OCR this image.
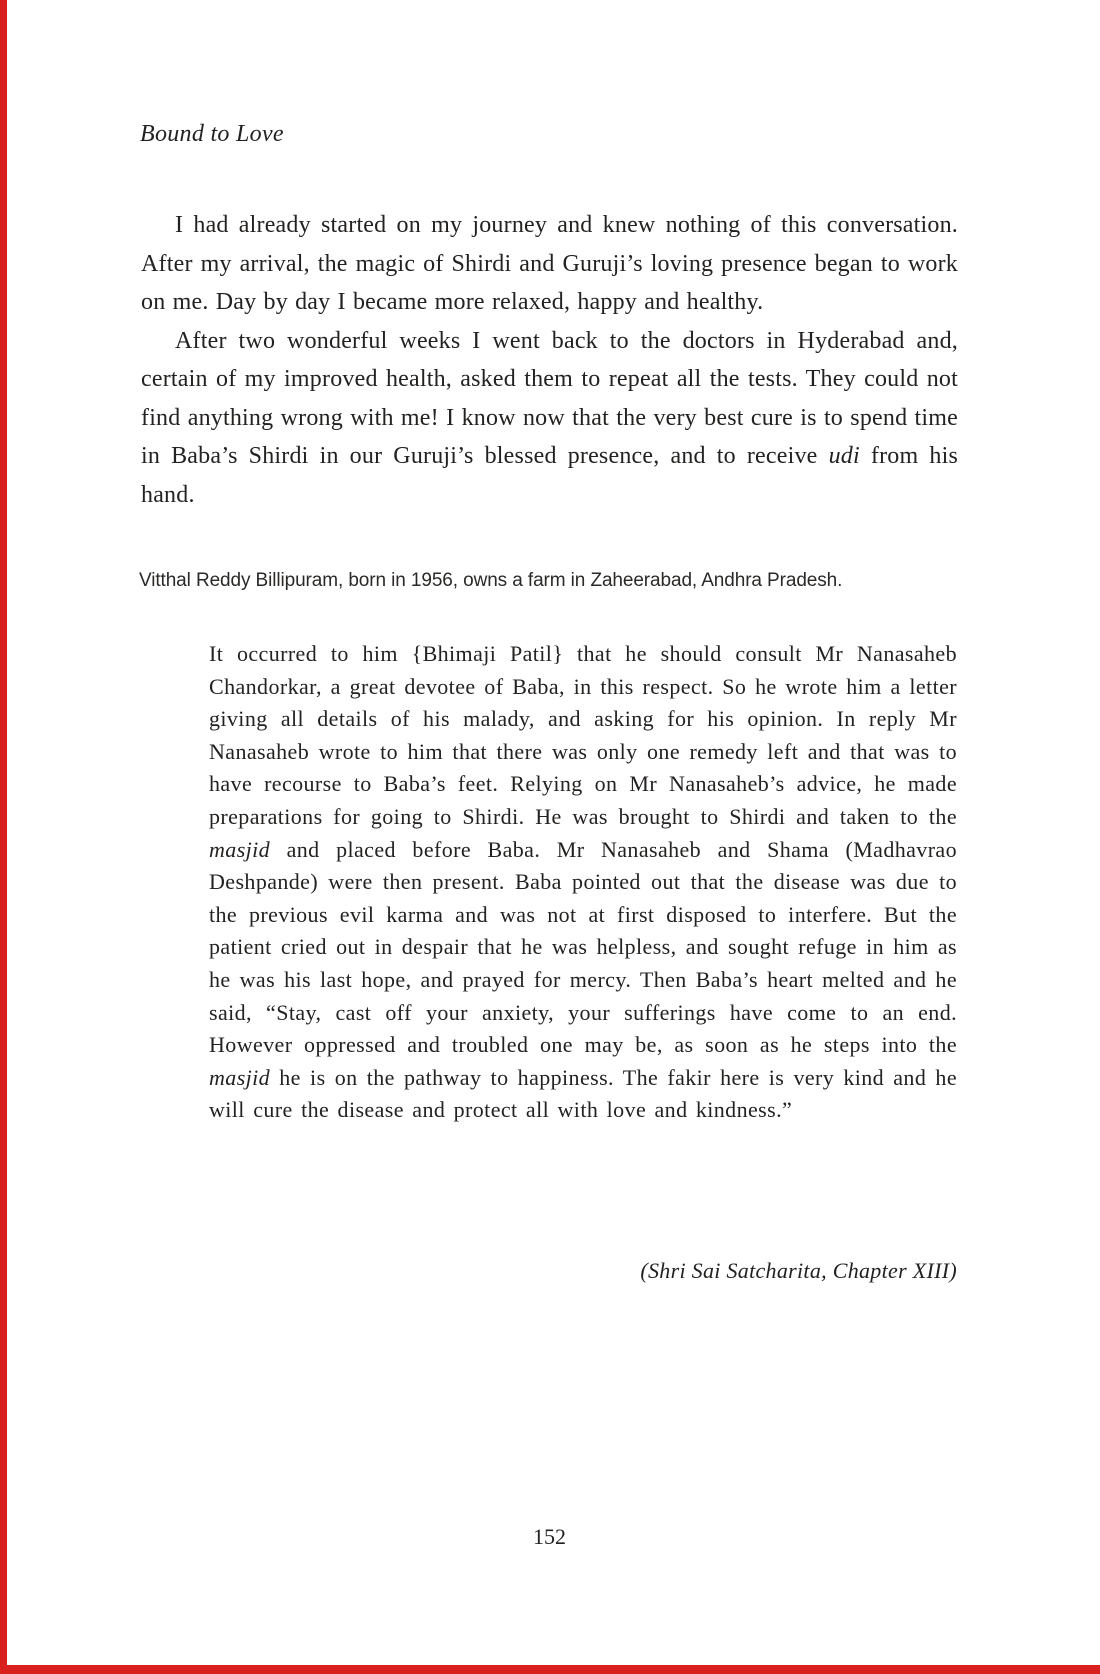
Bound to Love

I had already started on my journey and knew nothing of this conversation. After my arrival, the magic of Shirdi and Guruji’s loving presence began to work on me. Day by day I became more relaxed, happy and healthy.

After two wonderful weeks I went back to the doctors in Hyderabad and, certain of my improved health, asked them to repeat all the tests. They could not find anything wrong with me! I know now that the very best cure is to spend time in Baba’s Shirdi in our Guruji’s blessed presence, and to receive udi from his hand.

Vitthal Reddy Billipuram, born in 1956, owns a farm in Zaheerabad, Andhra Pradesh.

It occurred to him {Bhimaji Patil} that he should consult Mr Nanasaheb Chandorkar, a great devotee of Baba, in this respect. So he wrote him a letter giving all details of his malady, and asking for his opinion. In reply Mr Nanasaheb wrote to him that there was only one remedy left and that was to have recourse to Baba’s feet. Relying on Mr Nanasaheb’s advice, he made preparations for going to Shirdi. He was brought to Shirdi and taken to the masjid and placed before Baba. Mr Nanasaheb and Shama (Madhavrao Deshpande) were then present. Baba pointed out that the disease was due to the previous evil karma and was not at first disposed to interfere. But the patient cried out in despair that he was helpless, and sought refuge in him as he was his last hope, and prayed for mercy. Then Baba’s heart melted and he said, “Stay, cast off your anxiety, your sufferings have come to an end. However oppressed and troubled one may be, as soon as he steps into the masjid he is on the pathway to happiness. The fakir here is very kind and he will cure the disease and protect all with love and kindness.”

(Shri Sai Satcharita, Chapter XIII)

152
